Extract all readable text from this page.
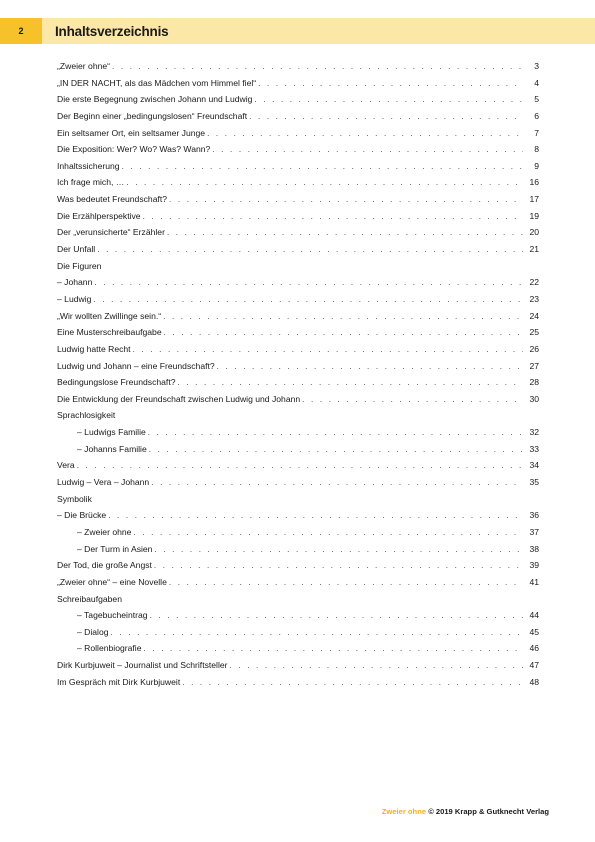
2	Inhaltsverzeichnis
„Zweier ohne“ . . .	3
„IN DER NACHT, als das Mädchen vom Himmel fiel“ . . .	4
Die erste Begegnung zwischen Johann und Ludwig . . .	5
Der Beginn einer „bedingungslosen“ Freundschaft . . .	6
Ein seltsamer Ort, ein seltsamer Junge . . .	7
Die Exposition: Wer? Wo? Was? Wann? . . .	8
Inhaltssicherung . . .	9
Ich frage mich, … . . .	16
Was bedeutet Freundschaft? . . .	17
Die Erzählperspektive . . .	19
Der „verunsicherte“ Erzähler . . .	20
Der Unfall . . .	21
Die Figuren
– Johann . . .	22
– Ludwig . . .	23
„Wir wollten Zwillinge sein.“ . . .	24
Eine Musterschreibaufgabe . . .	25
Ludwig hatte Recht . . .	26
Ludwig und Johann – eine Freundschaft? . . .	27
Bedingungslose Freundschaft? . . .	28
Die Entwicklung der Freundschaft zwischen Ludwig und Johann . . .	30
Sprachlosigkeit
– Ludwigs Familie . . .	32
– Johanns Familie . . .	33
Vera . . .	34
Ludwig – Vera – Johann . . .	35
Symbolik
– Die Brücke . . .	36
– Zweier ohne . . .	37
– Der Turm in Asien . . .	38
Der Tod, die große Angst . . .	39
„Zweier ohne“ – eine Novelle . . .	41
Schreibaufgaben
– Tagebucheintrag . . .	44
– Dialog . . .	45
– Rollenbiografie . . .	46
Dirk Kurbjuweit – Journalist und Schriftsteller . . .	47
Im Gespräch mit Dirk Kurbjuweit . . .	48
Zweier ohne © 2019 Krapp & Gutknecht Verlag
